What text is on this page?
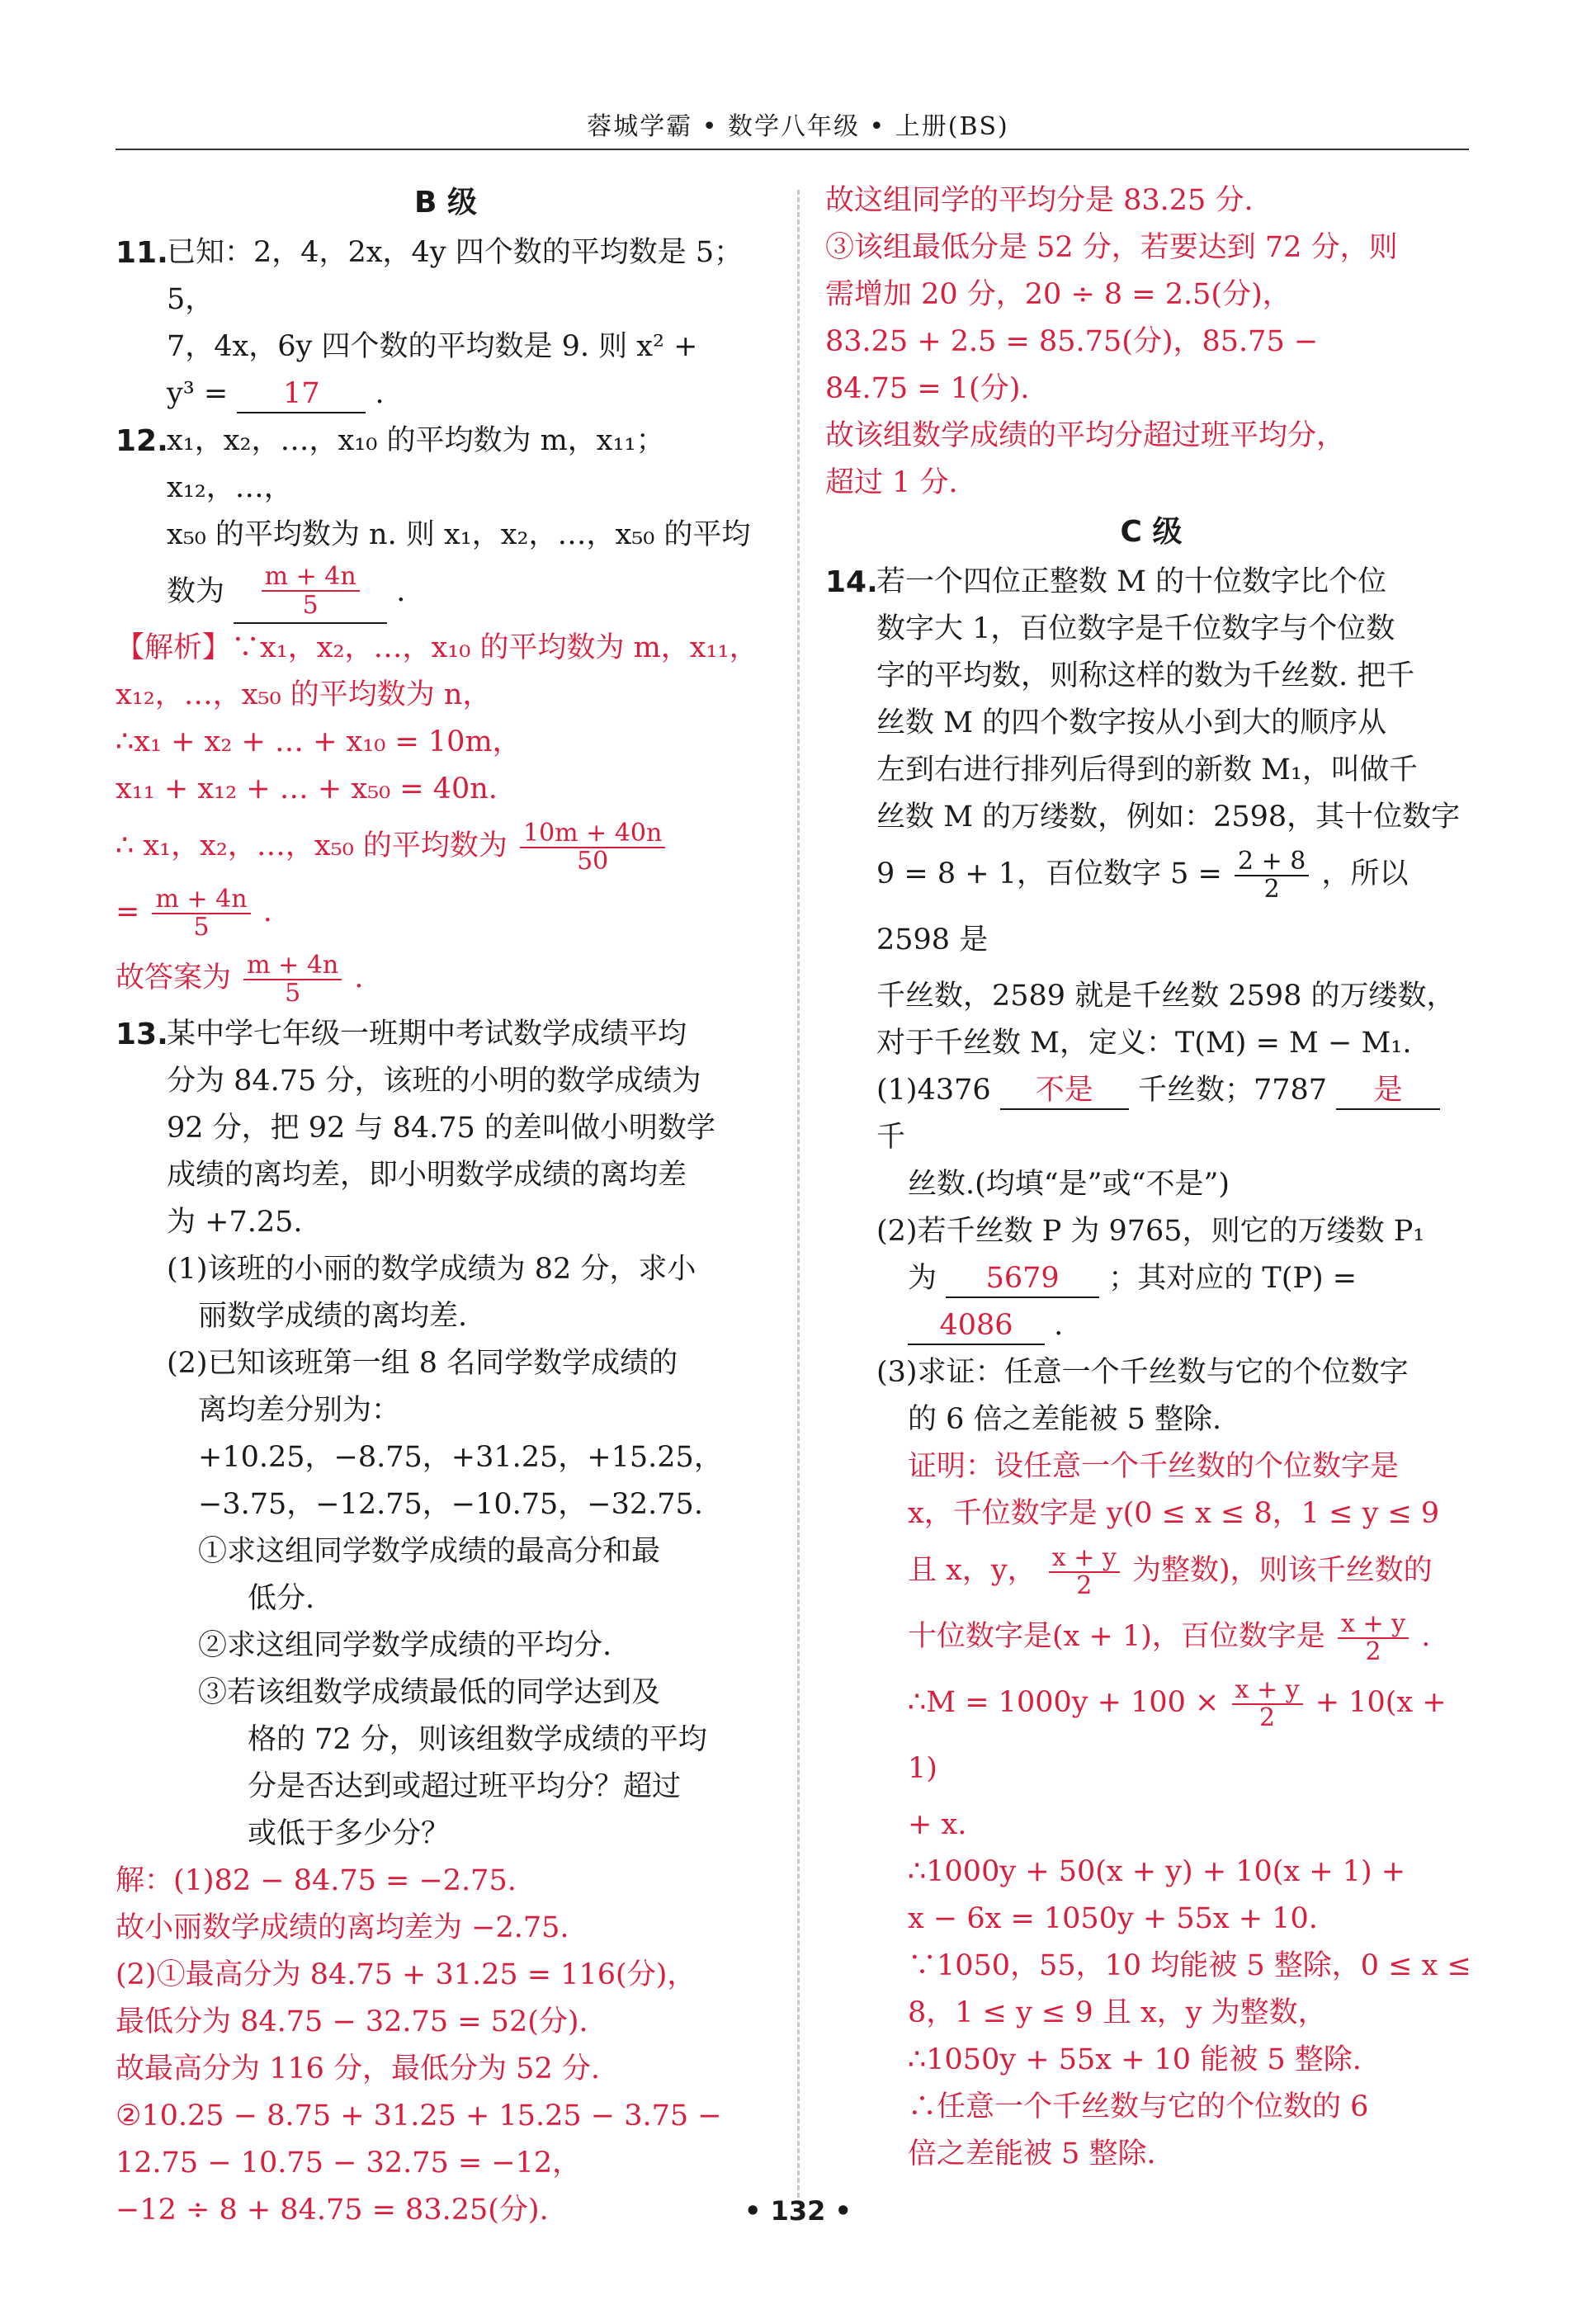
蓉城学霸 • 数学八年级 • 上册(BS)
B 级
11.

已知：2，4，2x，4y 四个数的平均数是 5；5，

7，4x，6y 四个数的平均数是 9. 则 x² +

y³ = 17 .

12.

x₁，x₂，…，x₁₀ 的平均数为 m，x₁₁；x₁₂，…，

x₅₀ 的平均数为 n. 则 x₁，x₂，…，x₅₀ 的平均

数为 $\frac{m + 4n}{5}$ .

【解析】∵x₁，x₂，…，x₁₀ 的平均数为 m，x₁₁，

x₁₂，…，x₅₀ 的平均数为 n，

∴x₁ + x₂ + … + x₁₀ = 10m，

x₁₁ + x₁₂ + … + x₅₀ = 40n.

∴ x₁，x₂，…，x₅₀ 的平均数为 $\frac{10m + 40n}{50}$

= $\frac{m + 4n}{5}$ .

故答案为 $\frac{m + 4n}{5}$ .

13.

某中学七年级一班期中考试数学成绩平均

分为 84.75 分，该班的小明的数学成绩为

92 分，把 92 与 84.75 的差叫做小明数学

成绩的离均差，即小明数学成绩的离均差

为 +7.25.

(1)该班的小丽的数学成绩为 82 分，求小

丽数学成绩的离均差.

(2)已知该班第一组 8 名同学数学成绩的

离均差分别为：

+10.25，−8.75，+31.25，+15.25，

−3.75，−12.75，−10.75，−32.75.

①求这组同学数学成绩的最高分和最

低分.

②求这组同学数学成绩的平均分.

③若该组数学成绩最低的同学达到及

格的 72 分，则该组数学成绩的平均

分是否达到或超过班平均分？超过

或低于多少分？

解：(1)82 − 84.75 = −2.75.

故小丽数学成绩的离均差为 −2.75.

(2)①最高分为 84.75 + 31.25 = 116(分)，

最低分为 84.75 − 32.75 = 52(分).

故最高分为 116 分，最低分为 52 分.

②10.25 − 8.75 + 31.25 + 15.25 − 3.75 −

12.75 − 10.75 − 32.75 = −12，

−12 ÷ 8 + 84.75 = 83.25(分).

故这组同学的平均分是 83.25 分.

③该组最低分是 52 分，若要达到 72 分，则

需增加 20 分，20 ÷ 8 = 2.5(分)，

83.25 + 2.5 = 85.75(分)，85.75 −

84.75 = 1(分).

故该组数学成绩的平均分超过班平均分，

超过 1 分.

C 级
14.

若一个四位正整数 M 的十位数字比个位

数字大 1，百位数字是千位数字与个位数

字的平均数，则称这样的数为千丝数. 把千

丝数 M 的四个数字按从小到大的顺序从

左到右进行排列后得到的新数 M₁，叫做千

丝数 M 的万缕数，例如：2598，其十位数字

9 = 8 + 1，百位数字 $5 = \frac{2 + 8}{2}$ ，所以 2598 是

千丝数，2589 就是千丝数 2598 的万缕数，

对于千丝数 M，定义：T(M) = M − M₁.

(1)4376 不是 千丝数；7787 是 千

丝数.(均填“是”或“不是”)

(2)若千丝数 P 为 9765，则它的万缕数 P₁

为 5679 ；其对应的 T(P) =

4086 .

(3)求证：任意一个千丝数与它的个位数字

的 6 倍之差能被 5 整除.

证明：设任意一个千丝数的个位数字是

x，千位数字是 y(0 ≤ x ≤ 8，1 ≤ y ≤ 9

且 x，y， $\frac{x + y}{2}$ 为整数)，则该千丝数的

十位数字是(x + 1)，百位数字是 $\frac{x + y}{2}$ .

∴M = $1000y + 100 \times \frac{x + y}{2} + 10(x + 1)$

+ x.

∴1000y + 50(x + y) + 10(x + 1) +

x − 6x = 1050y + 55x + 10.

∵1050，55，10 均能被 5 整除，0 ≤ x ≤

8，1 ≤ y ≤ 9 且 x，y 为整数，

∴1050y + 55x + 10 能被 5 整除.

∴任意一个千丝数与它的个位数的 6

倍之差能被 5 整除.

• 132 •
